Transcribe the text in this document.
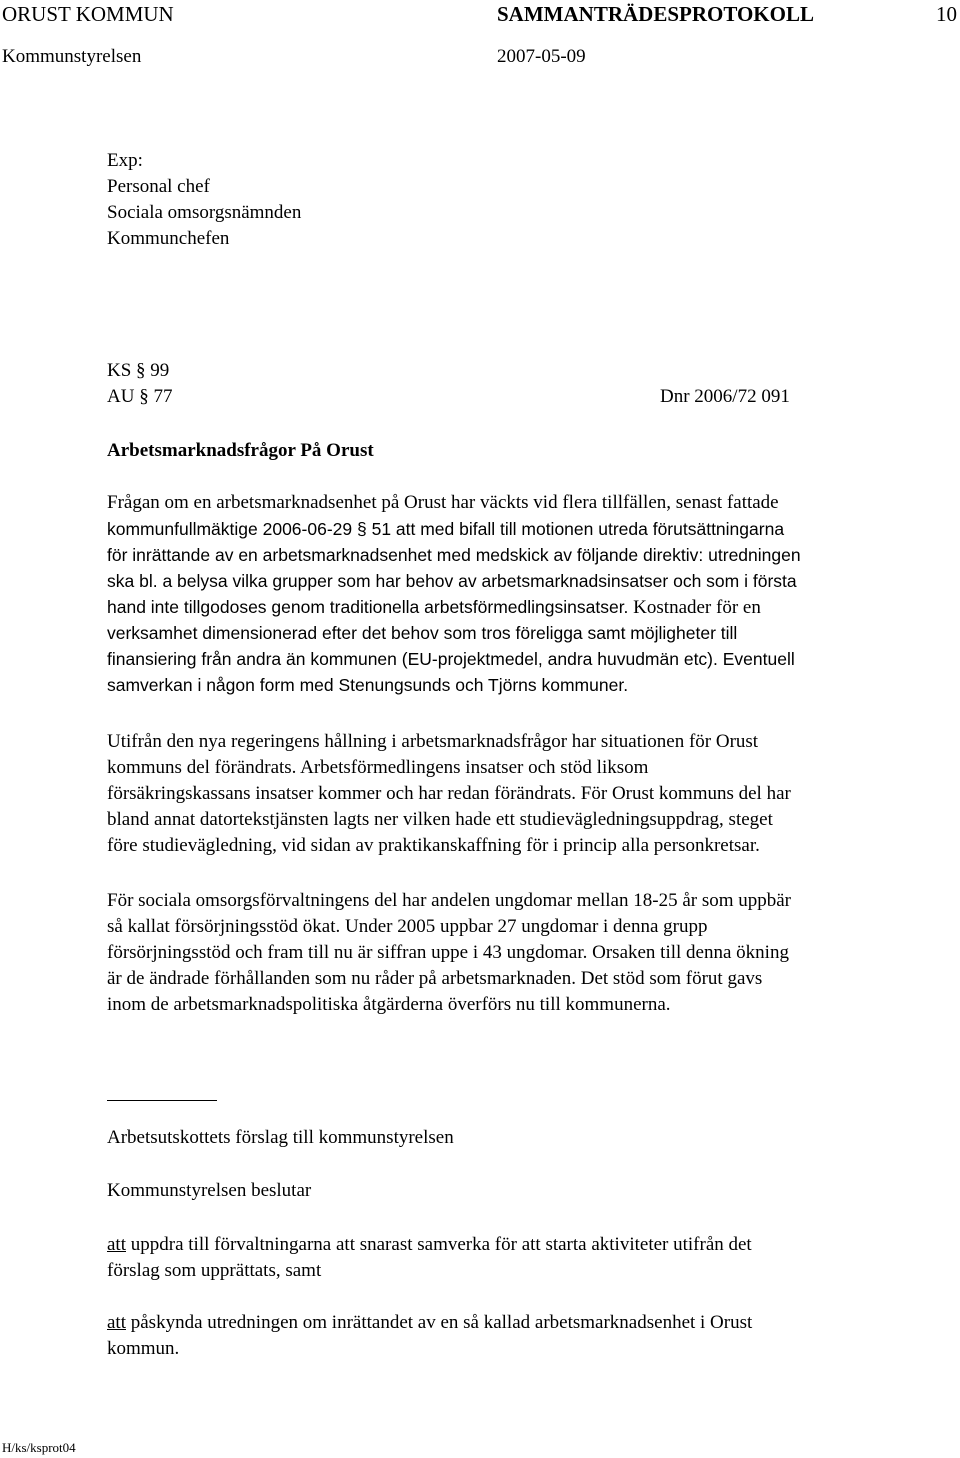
ORUST KOMMUN	SAMMANTRÄDESPROTOKOLL	10
Kommunstyrelsen	2007-05-09
Exp:
Personal chef
Sociala omsorgsnämnden
Kommunchefen
KS § 99
AU § 77	Dnr 2006/72 091
Arbetsmarknadsfrågor På Orust
Frågan om en arbetsmarknadsenhet på Orust har väckts vid flera tillfällen, senast fattade
kommunfullmäktige 2006-06-29 § 51 att med bifall till motionen utreda förutsättningarna
för inrättande av en arbetsmarknadsenhet med medskick av följande direktiv: utredningen
ska bl. a belysa vilka grupper som har behov av arbetsmarknadsinsatser och som i första
hand inte tillgodoses genom traditionella arbetsförmedlingsinsatser. Kostnader för en
verksamhet dimensionerad efter det behov som tros föreligga samt möjligheter till
finansiering från andra än kommunen (EU-projektmedel, andra huvudmän etc). Eventuell
samverkan i någon form med Stenungsunds och Tjörns kommuner.
Utifrån den nya regeringens hållning i arbetsmarknadsfrågor har situationen för Orust
kommuns del förändrats. Arbetsförmedlingens insatser och stöd liksom
försäkringskassans insatser kommer och har redan förändrats. För Orust kommuns del har
bland annat datortekstjänsten lagts ner vilken hade ett studievägledningsuppdrag, steget
före studievägledning, vid sidan av praktikanskaffning för i princip alla personkretsar.
För sociala omsorgsförvaltningens del har andelen ungdomar mellan 18-25 år som uppbär
så kallat försörjningsstöd ökat. Under 2005 uppbar 27 ungdomar i denna grupp
försörjningsstöd och fram till nu är siffran uppe i 43 ungdomar. Orsaken till denna ökning
är de ändrade förhållanden som nu råder på arbetsmarknaden. Det stöd som förut gavs
inom de arbetsmarknadspolitiska åtgärderna överförs nu till kommunerna.
Arbetsutskottets förslag till kommunstyrelsen
Kommunstyrelsen beslutar
att uppdra till förvaltningarna att snarast samverka för att starta aktiviteter utifrån det
förslag som upprättats, samt
att påskynda utredningen om inrättandet av en så kallad arbetsmarknadsenhet i Orust
kommun.
H/ks/ksprot04
